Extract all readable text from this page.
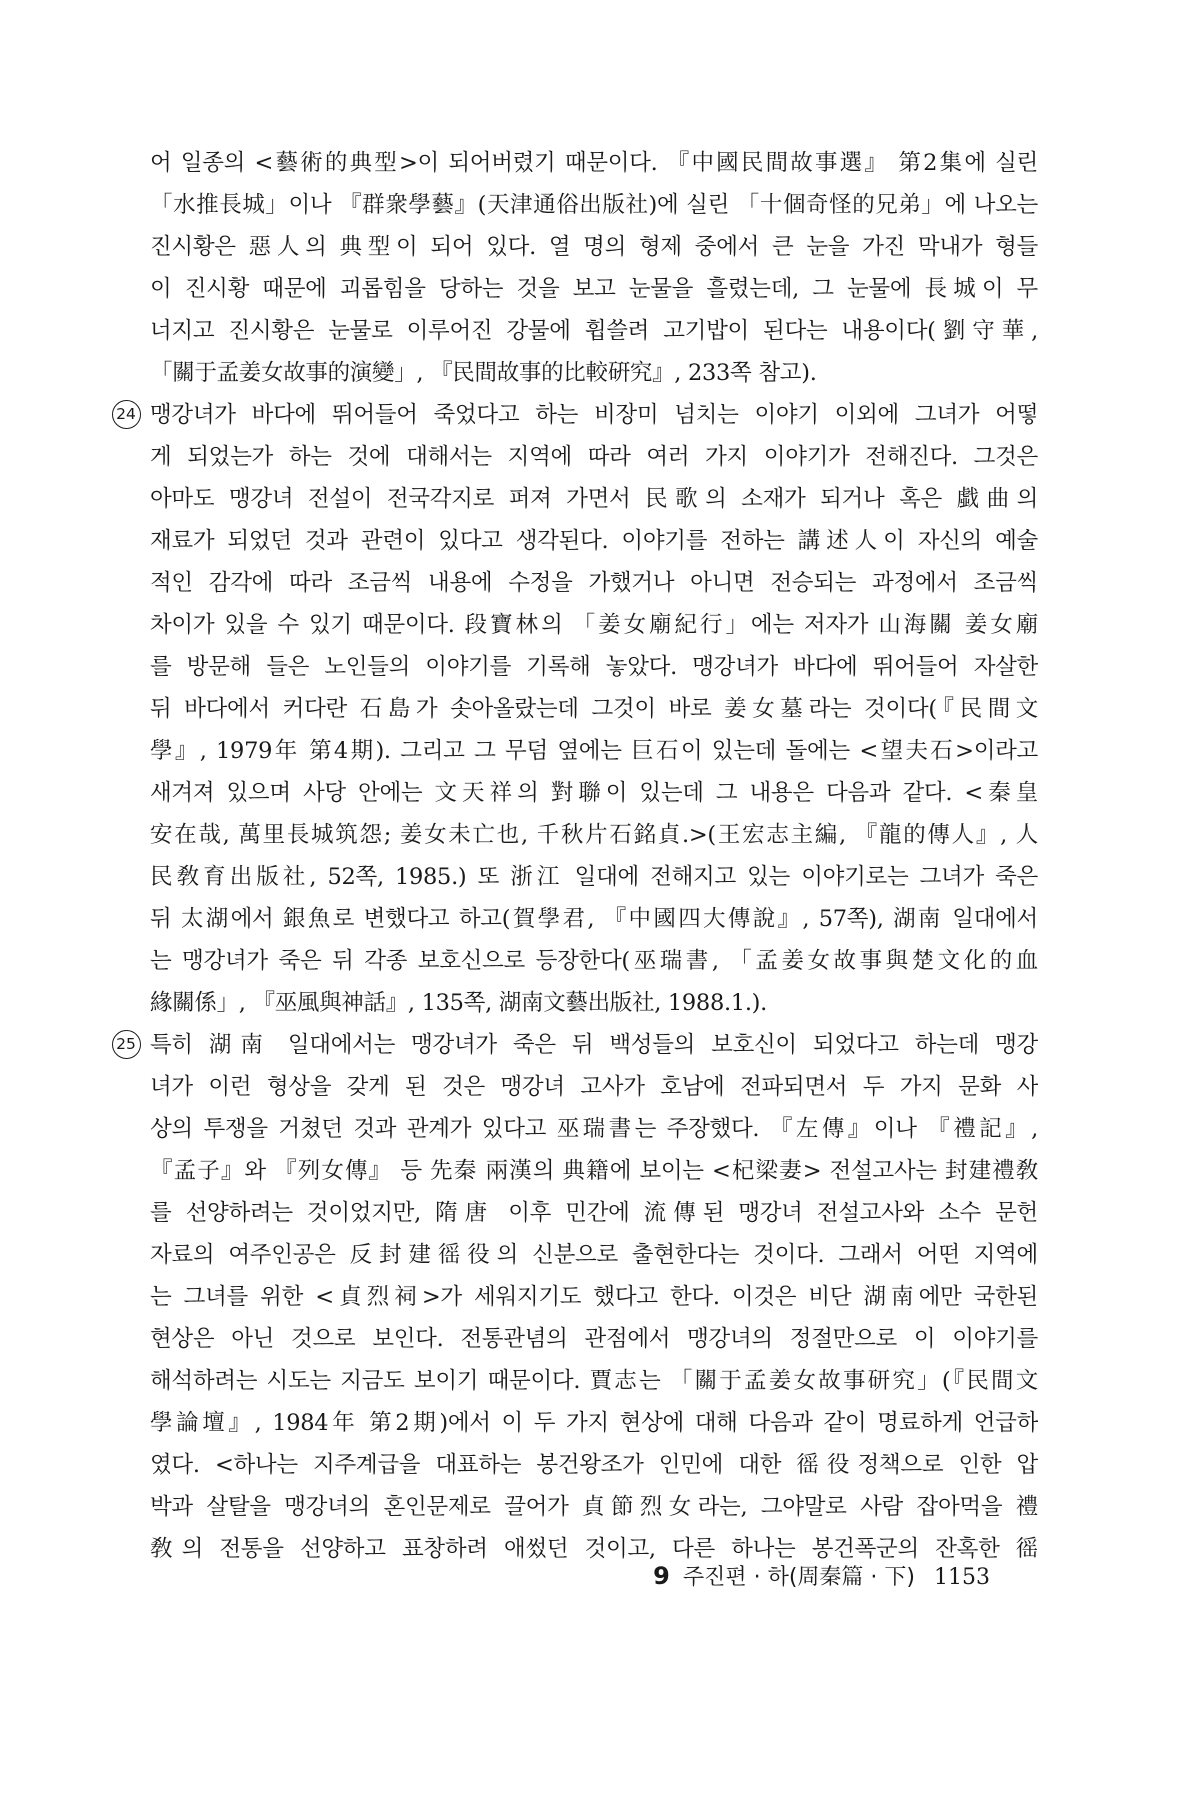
어 일종의 <藝術的典型>이 되어버렸기 때문이다. 『中國民間故事選』 第2集에 실린
「水推長城」이나 『群衆學藝』(天津通俗出版社)에 실린 「十個奇怪的兄弟」에 나오는
진시황은 惡人의 典型이 되어 있다. 열 명의 형제 중에서 큰 눈을 가진 막내가 형들
이 진시황 때문에 괴롭힘을 당하는 것을 보고 눈물을 흘렸는데, 그 눈물에 長城이 무
너지고 진시황은 눈물로 이루어진 강물에 휩쓸려 고기밥이 된다는 내용이다(劉守華,
「關于孟姜女故事的演變」, 『民間故事的比較硏究』, 233쪽 참고).
24 맹강녀가 바다에 뛰어들어 죽었다고 하는 비장미 넘치는 이야기 이외에 그녀가 어떻
게 되었는가 하는 것에 대해서는 지역에 따라 여러 가지 이야기가 전해진다. 그것은
아마도 맹강녀 전설이 전국각지로 퍼져 가면서 民歌의 소재가 되거나 혹은 戱曲의
재료가 되었던 것과 관련이 있다고 생각된다. 이야기를 전하는 講述人이 자신의 예술
적인 감각에 따라 조금씩 내용에 수정을 가했거나 아니면 전승되는 과정에서 조금씩
차이가 있을 수 있기 때문이다. 段寶林의 「姜女廟紀行」에는 저자가 山海關 姜女廟
를 방문해 들은 노인들의 이야기를 기록해 놓았다. 맹강녀가 바다에 뛰어들어 자살한
뒤 바다에서 커다란 石島가 솟아올랐는데 그것이 바로 姜女墓라는 것이다(『民間文
學』, 1979年 第4期). 그리고 그 무덤 옆에는 巨石이 있는데 돌에는 <望夫石>이라고
새겨져 있으며 사당 안에는 文天祥의 對聯이 있는데 그 내용은 다음과 같다. <秦皇
安在哉, 萬里長城筑怨; 姜女未亡也, 千秋片石銘貞.>(王宏志主編, 『龍的傳人』, 人
民敎育出版社, 52쪽, 1985.) 또 浙江 일대에 전해지고 있는 이야기로는 그녀가 죽은
뒤 太湖에서 銀魚로 변했다고 하고(賀學君, 『中國四大傳說』, 57쪽), 湖南 일대에서
는 맹강녀가 죽은 뒤 각종 보호신으로 등장한다(巫瑞書, 「孟姜女故事與楚文化的血
緣關係」, 『巫風與神話』, 135쪽, 湖南文藝出版社, 1988.1.).
25 특히 湖南 일대에서는 맹강녀가 죽은 뒤 백성들의 보호신이 되었다고 하는데 맹강
녀가 이런 형상을 갖게 된 것은 맹강녀 고사가 호남에 전파되면서 두 가지 문화 사
상의 투쟁을 거쳤던 것과 관계가 있다고 巫瑞書는 주장했다. 『左傳』이나 『禮記』,
『孟子』와 『列女傳』 등 先秦 兩漢의 典籍에 보이는 <杞梁妻> 전설고사는 封建禮敎
를 선양하려는 것이었지만, 隋唐 이후 민간에 流傳된 맹강녀 전설고사와 소수 문헌
자료의 여주인공은 反封建徭役의 신분으로 출현한다는 것이다. 그래서 어떤 지역에
는 그녀를 위한 <貞烈祠>가 세워지기도 했다고 한다. 이것은 비단 湖南에만 국한된
현상은 아닌 것으로 보인다. 전통관념의 관점에서 맹강녀의 정절만으로 이 이야기를
해석하려는 시도는 지금도 보이기 때문이다. 賈志는 「關于孟姜女故事研究」(『民間文
學論壇』, 1984年 第2期)에서 이 두 가지 현상에 대해 다음과 같이 명료하게 언급하
였다. <하나는 지주계급을 대표하는 봉건왕조가 인민에 대한 徭役정책으로 인한 압
박과 살탈을 맹강녀의 혼인문제로 끌어가 貞節烈女라는, 그야말로 사람 잡아먹을 禮
敎의 전통을 선양하고 표창하려 애썼던 것이고, 다른 하나는 봉건폭군의 잔혹한 徭
9 주진편 · 하(周秦篇 · 下) 1153
